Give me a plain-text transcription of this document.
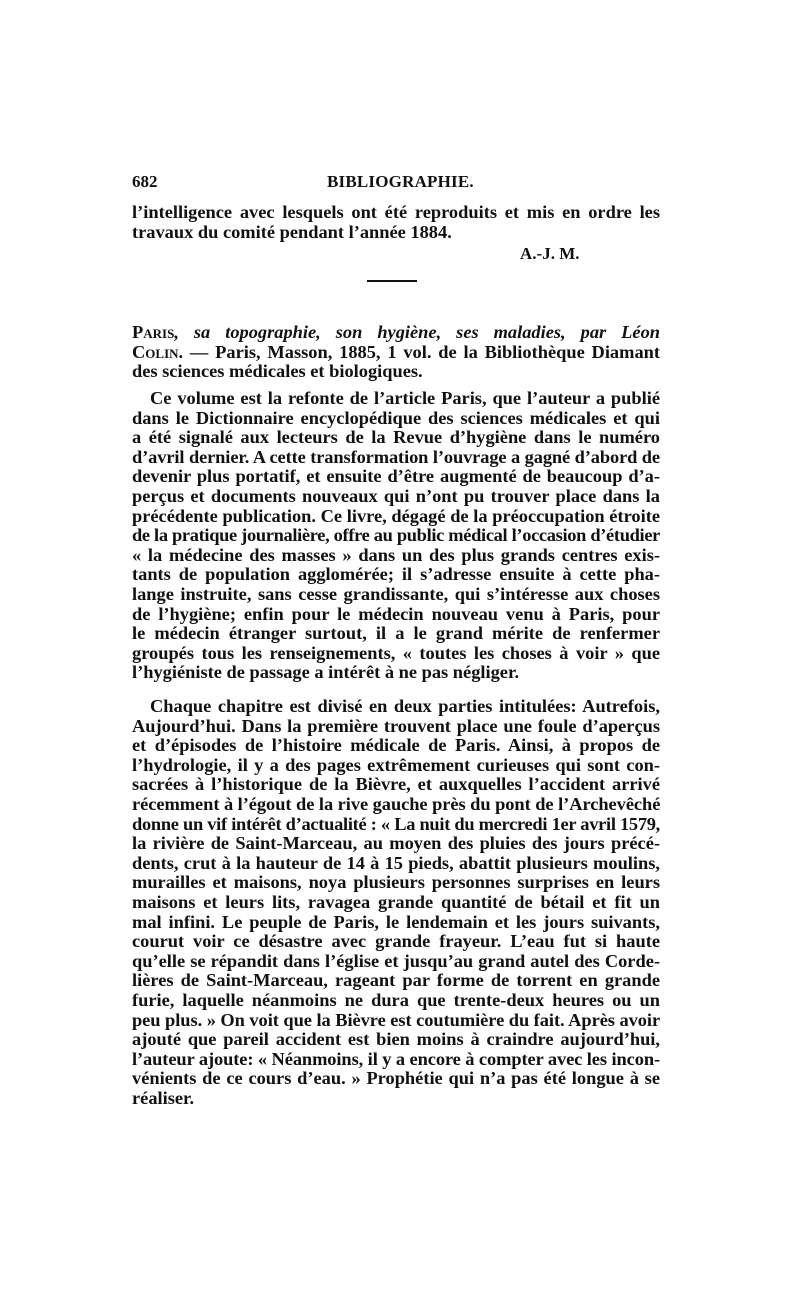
682	BIBLIOGRAPHIE.
l’intelligence avec lesquels ont été reproduits et mis en ordre les
travaux du comité pendant l’année 1884.
A.-J. M.
Paris, sa topographie, son hygiène, ses maladies, par Léon
Colin. — Paris, Masson, 1885, 1 vol. de la Bibliothèque Diamant
des sciences médicales et biologiques.
Ce volume est la refonte de l’article Paris, que l’auteur a publié
dans le Dictionnaire encyclopédique des sciences médicales et qui
a été signalé aux lecteurs de la Revue d’hygiène dans le numéro
d’avril dernier. A cette transformation l’ouvrage a gagné d’abord de
devenir plus portatif, et ensuite d’être augmenté de beaucoup d’a-
perçus et documents nouveaux qui n’ont pu trouver place dans la
précédente publication. Ce livre, dégagé de la préoccupation étroite
de la pratique journalière, offre au public médical l’occasion d’étudier
« la médecine des masses » dans un des plus grands centres exis-
tants de population agglomérée; il s’adresse ensuite à cette pha-
lange instruite, sans cesse grandissante, qui s’intéresse aux choses
de l’hygiène; enfin pour le médecin nouveau venu à Paris, pour
le médecin étranger surtout, il a le grand mérite de renfermer
groupés tous les renseignements, « toutes les choses à voir » que
l’hygiéniste de passage a intérêt à ne pas négliger.
Chaque chapitre est divisé en deux parties intitulées: Autrefois,
Aujourd’hui. Dans la première trouvent place une foule d’aperçus
et d’épisodes de l’histoire médicale de Paris. Ainsi, à propos de
l’hydrologie, il y a des pages extrêmement curieuses qui sont con-
sacrées à l’historique de la Bièvre, et auxquelles l’accident arrivé
récemment à l’égout de la rive gauche près du pont de l’Archevêché
donne un vif intérêt d’actualité : « La nuit du mercredi 1er avril 1579,
la rivière de Saint-Marceau, au moyen des pluies des jours précé-
dents, crut à la hauteur de 14 à 15 pieds, abattit plusieurs moulins,
murailles et maisons, noya plusieurs personnes surprises en leurs
maisons et leurs lits, ravagea grande quantité de bétail et fit un
mal infini. Le peuple de Paris, le lendemain et les jours suivants,
courut voir ce désastre avec grande frayeur. L’eau fut si haute
qu’elle se répandit dans l’église et jusqu’au grand autel des Corde-
lières de Saint-Marceau, rageant par forme de torrent en grande
furie, laquelle néanmoins ne dura que trente-deux heures ou un
peu plus. » On voit que la Bièvre est coutumière du fait. Après avoir
ajouté que pareil accident est bien moins à craindre aujourd’hui,
l’auteur ajoute: « Néanmoins, il y a encore à compter avec les incon-
vénients de ce cours d’eau. » Prophétie qui n’a pas été longue à se
réaliser.
